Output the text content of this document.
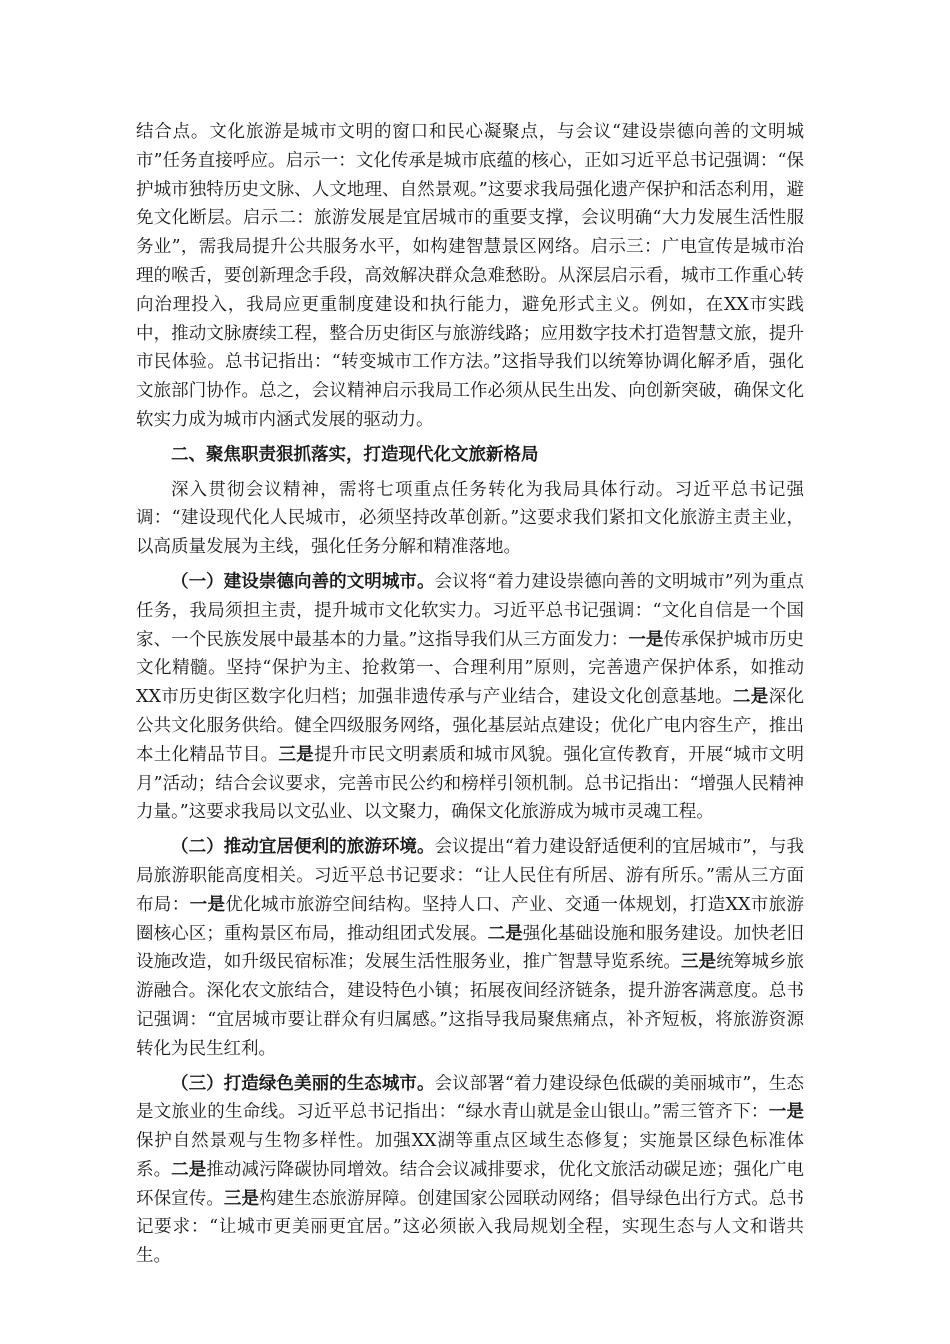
结合点。文化旅游是城市文明的窗口和民心凝聚点，与会议“建设崇德向善的文明城市”任务直接呼应。启示一：文化传承是城市底蕴的核心，正如习近平总书记强调：“保护城市独特历史文脉、人文地理、自然景观。”这要求我局强化遗产保护和活态利用，避免文化断层。启示二：旅游发展是宜居城市的重要支撑，会议明确“大力发展生活性服务业”，需我局提升公共服务水平，如构建智慧景区网络。启示三：广电宣传是城市治理的喉舌，要创新理念手段，高效解决群众急难愁盼。从深层启示看，城市工作重心转向治理投入，我局应更重制度建设和执行能力，避免形式主义。例如，在XX市实践中，推动文脉赓续工程，整合历史街区与旅游线路；应用数字技术打造智慧文旅，提升市民体验。总书记指出：“转变城市工作方法。”这指导我们以统筹协调化解矛盾，强化文旅部门协作。总之，会议精神启示我局工作必须从民生出发、向创新突破，确保文化软实力成为城市内涵式发展的驱动力。

二、聚焦职责狠抓落实，打造现代化文旅新格局

深入贯彻会议精神，需将七项重点任务转化为我局具体行动。习近平总书记强调：“建设现代化人民城市，必须坚持改革创新。”这要求我们紧扣文化旅游主责主业，以高质量发展为主线，强化任务分解和精准落地。

（一）建设崇德向善的文明城市。会议将“着力建设崇德向善的文明城市”列为重点任务，我局须担主责，提升城市文化软实力。习近平总书记强调：“文化自信是一个国家、一个民族发展中最基本的力量。”这指导我们从三方面发力：一是传承保护城市历史文化精髓。坚持“保护为主、抢救第一、合理利用”原则，完善遗产保护体系，如推动XX市历史街区数字化归档；加强非遗传承与产业结合，建设文化创意基地。二是深化公共文化服务供给。健全四级服务网络，强化基层站点建设；优化广电内容生产，推出本土化精品节目。三是提升市民文明素质和城市风貌。强化宣传教育，开展“城市文明月”活动；结合会议要求，完善市民公约和榜样引领机制。总书记指出：“增强人民精神力量。”这要求我局以文弘业、以文聚力，确保文化旅游成为城市灵魂工程。

（二）推动宜居便利的旅游环境。会议提出“着力建设舒适便利的宜居城市”，与我局旅游职能高度相关。习近平总书记要求：“让人民住有所居、游有所乐。”需从三方面布局：一是优化城市旅游空间结构。坚持人口、产业、交通一体规划，打造XX市旅游圈核心区；重构景区布局，推动组团式发展。二是强化基础设施和服务建设。加快老旧设施改造，如升级民宿标准；发展生活性服务业，推广智慧导览系统。三是统筹城乡旅游融合。深化农文旅结合，建设特色小镇；拓展夜间经济链条，提升游客满意度。总书记强调：“宜居城市要让群众有归属感。”这指导我局聚焦痛点，补齐短板，将旅游资源转化为民生红利。

（三）打造绿色美丽的生态城市。会议部署“着力建设绿色低碳的美丽城市”，生态是文旅业的生命线。习近平总书记指出：“绿水青山就是金山银山。”需三管齐下：一是保护自然景观与生物多样性。加强XX湖等重点区域生态修复；实施景区绿色标准体系。二是推动减污降碳协同增效。结合会议减排要求，优化文旅活动碳足迹；强化广电环保宣传。三是构建生态旅游屏障。创建国家公园联动网络；倡导绿色出行方式。总书记要求：“让城市更美丽更宜居。”这必须嵌入我局规划全程，实现生态与人文和谐共生。
